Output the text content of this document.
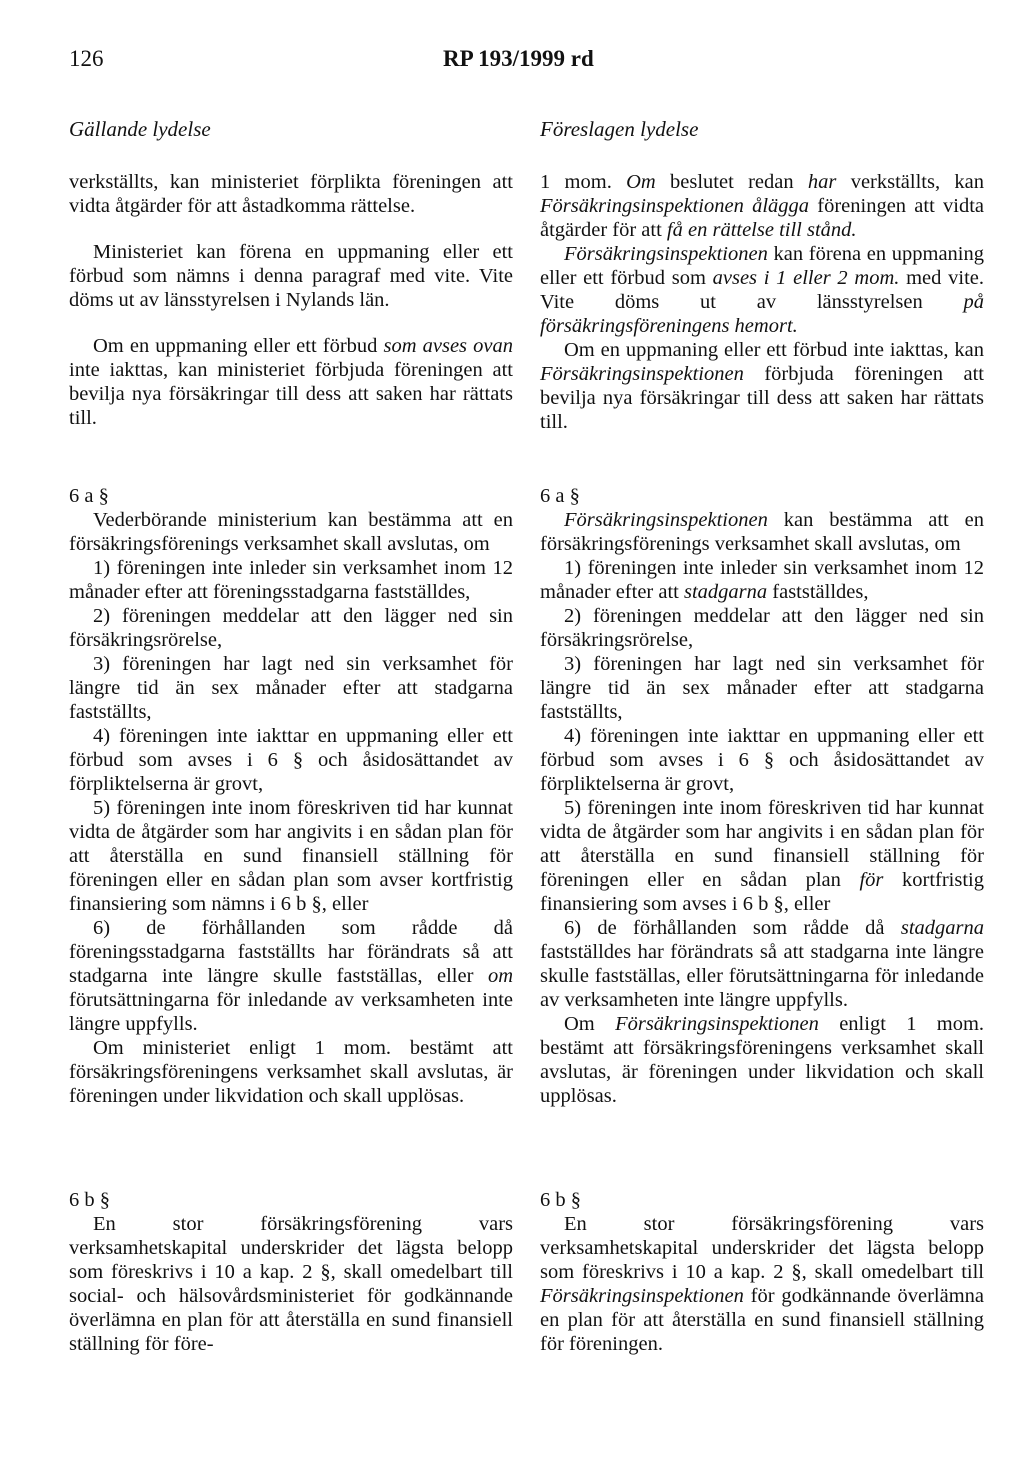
126	RP 193/1999 rd
Gällande lydelse	Föreslagen lydelse

verkställts, kan ministeriet förplikta föreningen att vidta åtgärder för att åstadkomma rättelse.

Ministeriet kan förena en uppmaning eller ett förbud som nämns i denna paragraf med vite. Vite döms ut av länsstyrelsen i Nylands län.

Om en uppmaning eller ett förbud som avses ovan inte iakttas, kan ministeriet förbjuda föreningen att bevilja nya försäkringar till dess att saken har rättats till.

6 a §

Vederbörande ministerium kan bestämma att en försäkringsförenings verksamhet skall avslutas, om

1) föreningen inte inleder sin verksamhet inom 12 månader efter att föreningsstadgarna fastställdes,

2) föreningen meddelar att den lägger ned sin försäkringsrörelse,

3) föreningen har lagt ned sin verksamhet för längre tid än sex månader efter att stadgarna fastställts,

4) föreningen inte iakttar en uppmaning eller ett förbud som avses i 6 § och åsidosättandet av förpliktelserna är grovt,

5) föreningen inte inom föreskriven tid har kunnat vidta de åtgärder som har angivits i en sådan plan för att återställa en sund finansiell ställning för föreningen eller en sådan plan som avser kortfristig finansiering som nämns i 6 b §, eller

6) de förhållanden som rådde då föreningsstadgarna fastställts har förändrats så att stadgarna inte längre skulle fastställas, eller om förutsättningarna för inledande av verksamheten inte längre uppfylls.

Om ministeriet enligt 1 mom. bestämt att försäkringsföreningens verksamhet skall avslutas, är föreningen under likvidation och skall upplösas.

6 b §

En stor försäkringsförening vars verksamhetskapital underskrider det lägsta belopp som föreskrivs i 10 a kap. 2 §, skall omedelbart till social- och hälsovårdsministeriet för godkännande överlämna en plan för att återställa en sund finansiell ställning för före-

1 mom. Om beslutet redan har verkställts, kan Försäkringsinspektionen ålägga föreningen att vidta åtgärder för att få en rättelse till stånd.

Försäkringsinspektionen kan förena en uppmaning eller ett förbud som avses i 1 eller 2 mom. med vite. Vite döms ut av länsstyrelsen på försäkringsföreningens hemort.

Om en uppmaning eller ett förbud inte iakttas, kan Försäkringsinspektionen förbjuda föreningen att bevilja nya försäkringar till dess att saken har rättats till.

6 a §

Försäkringsinspektionen kan bestämma att en försäkringsförenings verksamhet skall avslutas, om

1) föreningen inte inleder sin verksamhet inom 12 månader efter att stadgarna fastställdes,

2) föreningen meddelar att den lägger ned sin försäkringsrörelse,

3) föreningen har lagt ned sin verksamhet för längre tid än sex månader efter att stadgarna fastställts,

4) föreningen inte iakttar en uppmaning eller ett förbud som avses i 6 § och åsidosättandet av förpliktelserna är grovt,

5) föreningen inte inom föreskriven tid har kunnat vidta de åtgärder som har angivits i en sådan plan för att återställa en sund finansiell ställning för föreningen eller en sådan plan för kortfristig finansiering som avses i 6 b §, eller

6) de förhållanden som rådde då stadgarna fastställdes har förändrats så att stadgarna inte längre skulle fastställas, eller förutsättningarna för inledande av verksamheten inte längre uppfylls.

Om Försäkringsinspektionen enligt 1 mom. bestämt att försäkringsföreningens verksamhet skall avslutas, är föreningen under likvidation och skall upplösas.

6 b §

En stor försäkringsförening vars verksamhetskapital underskrider det lägsta belopp som föreskrivs i 10 a kap. 2 §, skall omedelbart till Försäkringsinspektionen för godkännande överlämna en plan för att återställa en sund finansiell ställning för föreningen.
